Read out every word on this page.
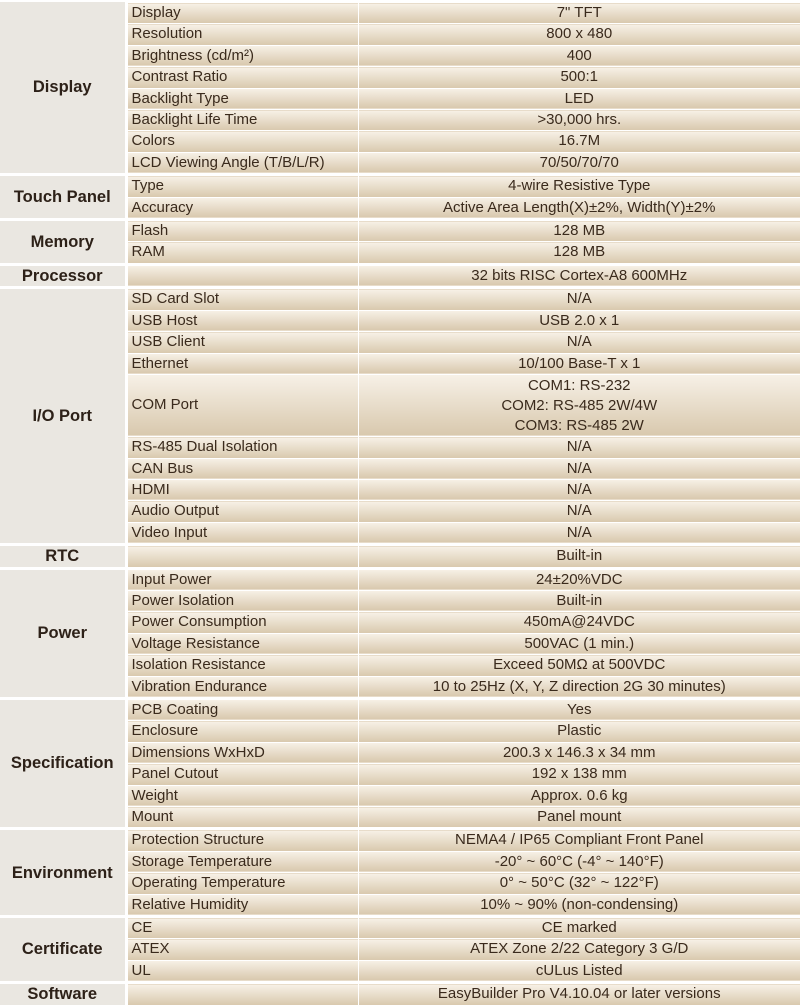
Display	Display	7" TFT

	Resolution	800 x 480

	Brightness (cd/m²)	400

	Contrast Ratio	500:1

	Backlight Type	LED

	Backlight Life Time	>30,000 hrs.

	Colors	16.7M

	LCD Viewing Angle (T/B/L/R)	70/50/70/70

Touch Panel	Type	4-wire Resistive Type

	Accuracy	Active Area Length(X)±2%, Width(Y)±2%

Memory	Flash	128 MB

	RAM	128 MB

Processor		32 bits RISC Cortex-A8 600MHz

I/O Port	SD Card Slot	N/A

	USB Host	USB 2.0 x 1

	USB Client	N/A

	Ethernet	10/100 Base-T x 1

	COM Port	COM1: RS-232
COM2: RS-485 2W/4W
COM3: RS-485 2W

	RS-485 Dual Isolation	N/A

	CAN Bus	N/A

	HDMI	N/A

	Audio Output	N/A

	Video Input	N/A

RTC		Built-in

Power	Input Power	24±20%VDC

	Power Isolation	Built-in

	Power Consumption	450mA@24VDC

	Voltage Resistance	500VAC (1 min.)

	Isolation Resistance	Exceed 50MΩ at 500VDC

	Vibration Endurance	10 to 25Hz (X, Y, Z direction 2G 30 minutes)

Specification	PCB Coating	Yes

	Enclosure	Plastic

	Dimensions WxHxD	200.3 x 146.3 x 34 mm

	Panel Cutout	192 x 138 mm

	Weight	Approx. 0.6 kg

	Mount	Panel mount

Environment	Protection Structure	NEMA4 / IP65 Compliant Front Panel

	Storage Temperature	-20° ~ 60°C (-4° ~ 140°F)

	Operating Temperature	0° ~ 50°C (32° ~ 122°F)

	Relative Humidity	10% ~ 90% (non-condensing)

Certificate	CE	CE marked

	ATEX	ATEX Zone 2/22 Category 3 G/D

	UL	cULus Listed

Software		EasyBuilder Pro V4.10.04 or later versions
